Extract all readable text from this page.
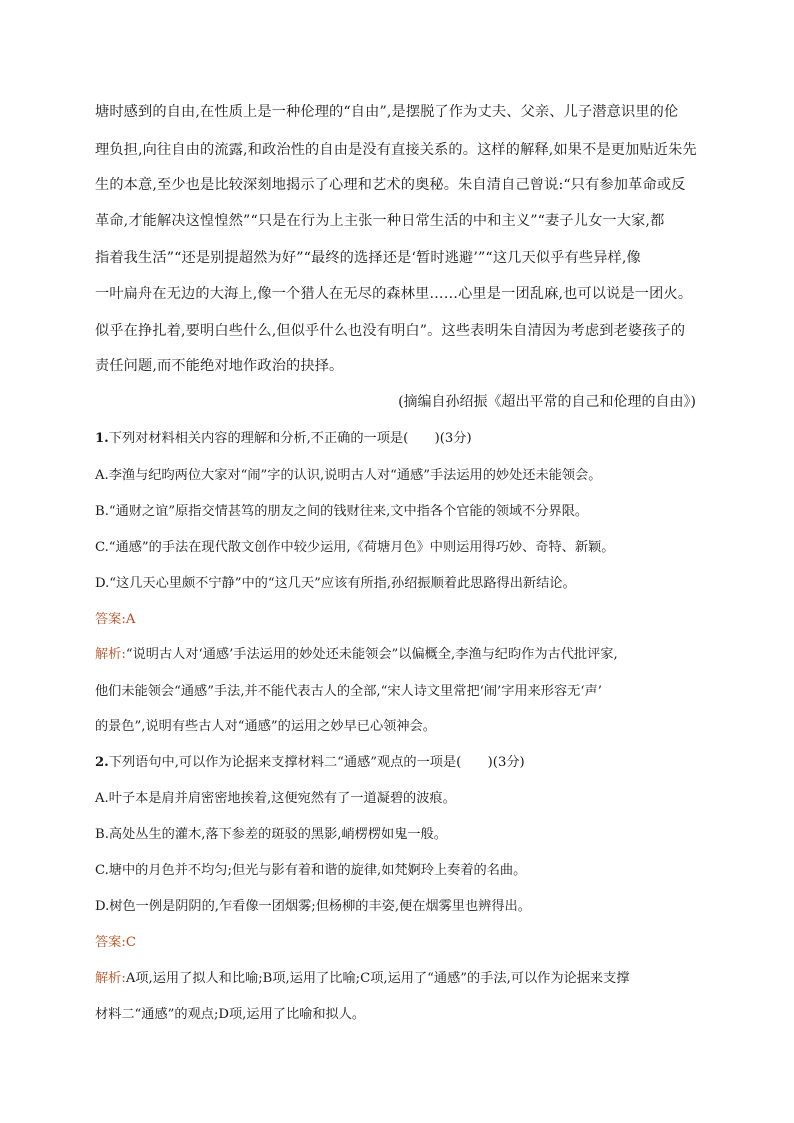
塘时感到的自由,在性质上是一种伦理的“自由”,是摆脱了作为丈夫、父亲、儿子潜意识里的伦
理负担,向往自由的流露,和政治性的自由是没有直接关系的。这样的解释,如果不是更加贴近朱先
生的本意,至少也是比较深刻地揭示了心理和艺术的奥秘。朱自清自己曾说:“只有参加革命或反
革命,才能解决这惶惶然”“只是在行为上主张一种日常生活的中和主义”“妻子儿女一大家,都
指着我生活”“还是别提超然为好”“最终的选择还是‘暂时逃避’”“这几天似乎有些异样,像
一叶扁舟在无边的大海上,像一个猎人在无尽的森林里……心里是一团乱麻,也可以说是一团火。
似乎在挣扎着,要明白些什么,但似乎什么也没有明白”。这些表明朱自清因为考虑到老婆孩子的
责任问题,而不能绝对地作政治的抉择。
(摘编自孙绍振《超出平常的自己和伦理的自由》)
1.下列对材料相关内容的理解和分析,不正确的一项是(　　)(3分)
A.李渔与纪昀两位大家对“闹”字的认识,说明古人对“通感”手法运用的妙处还未能领会。
B.“通财之谊”原指交情甚笃的朋友之间的钱财往来,文中指各个官能的领域不分界限。
C.“通感”的手法在现代散文创作中较少运用,《荷塘月色》中则运用得巧妙、奇特、新颖。
D.“这几天心里颇不宁静”中的“这几天”应该有所指,孙绍振顺着此思路得出新结论。
答案:A
解析:“说明古人对‘通感’手法运用的妙处还未能领会”以偏概全,李渔与纪昀作为古代批评家,
他们未能领会“通感”手法,并不能代表古人的全部,“宋人诗文里常把‘闹’字用来形容无‘声’
的景色”,说明有些古人对“通感”的运用之妙早已心领神会。
2.下列语句中,可以作为论据来支撑材料二“通感”观点的一项是(　　)(3分)
A.叶子本是肩并肩密密地挨着,这便宛然有了一道凝碧的波痕。
B.高处丛生的灌木,落下参差的斑驳的黑影,峭楞楞如鬼一般。
C.塘中的月色并不均匀;但光与影有着和谐的旋律,如梵婀玲上奏着的名曲。
D.树色一例是阴阴的,乍看像一团烟雾;但杨柳的丰姿,便在烟雾里也辨得出。
答案:C
解析:A项,运用了拟人和比喻;B项,运用了比喻;C项,运用了“通感”的手法,可以作为论据来支撑
材料二“通感”的观点;D项,运用了比喻和拟人。
